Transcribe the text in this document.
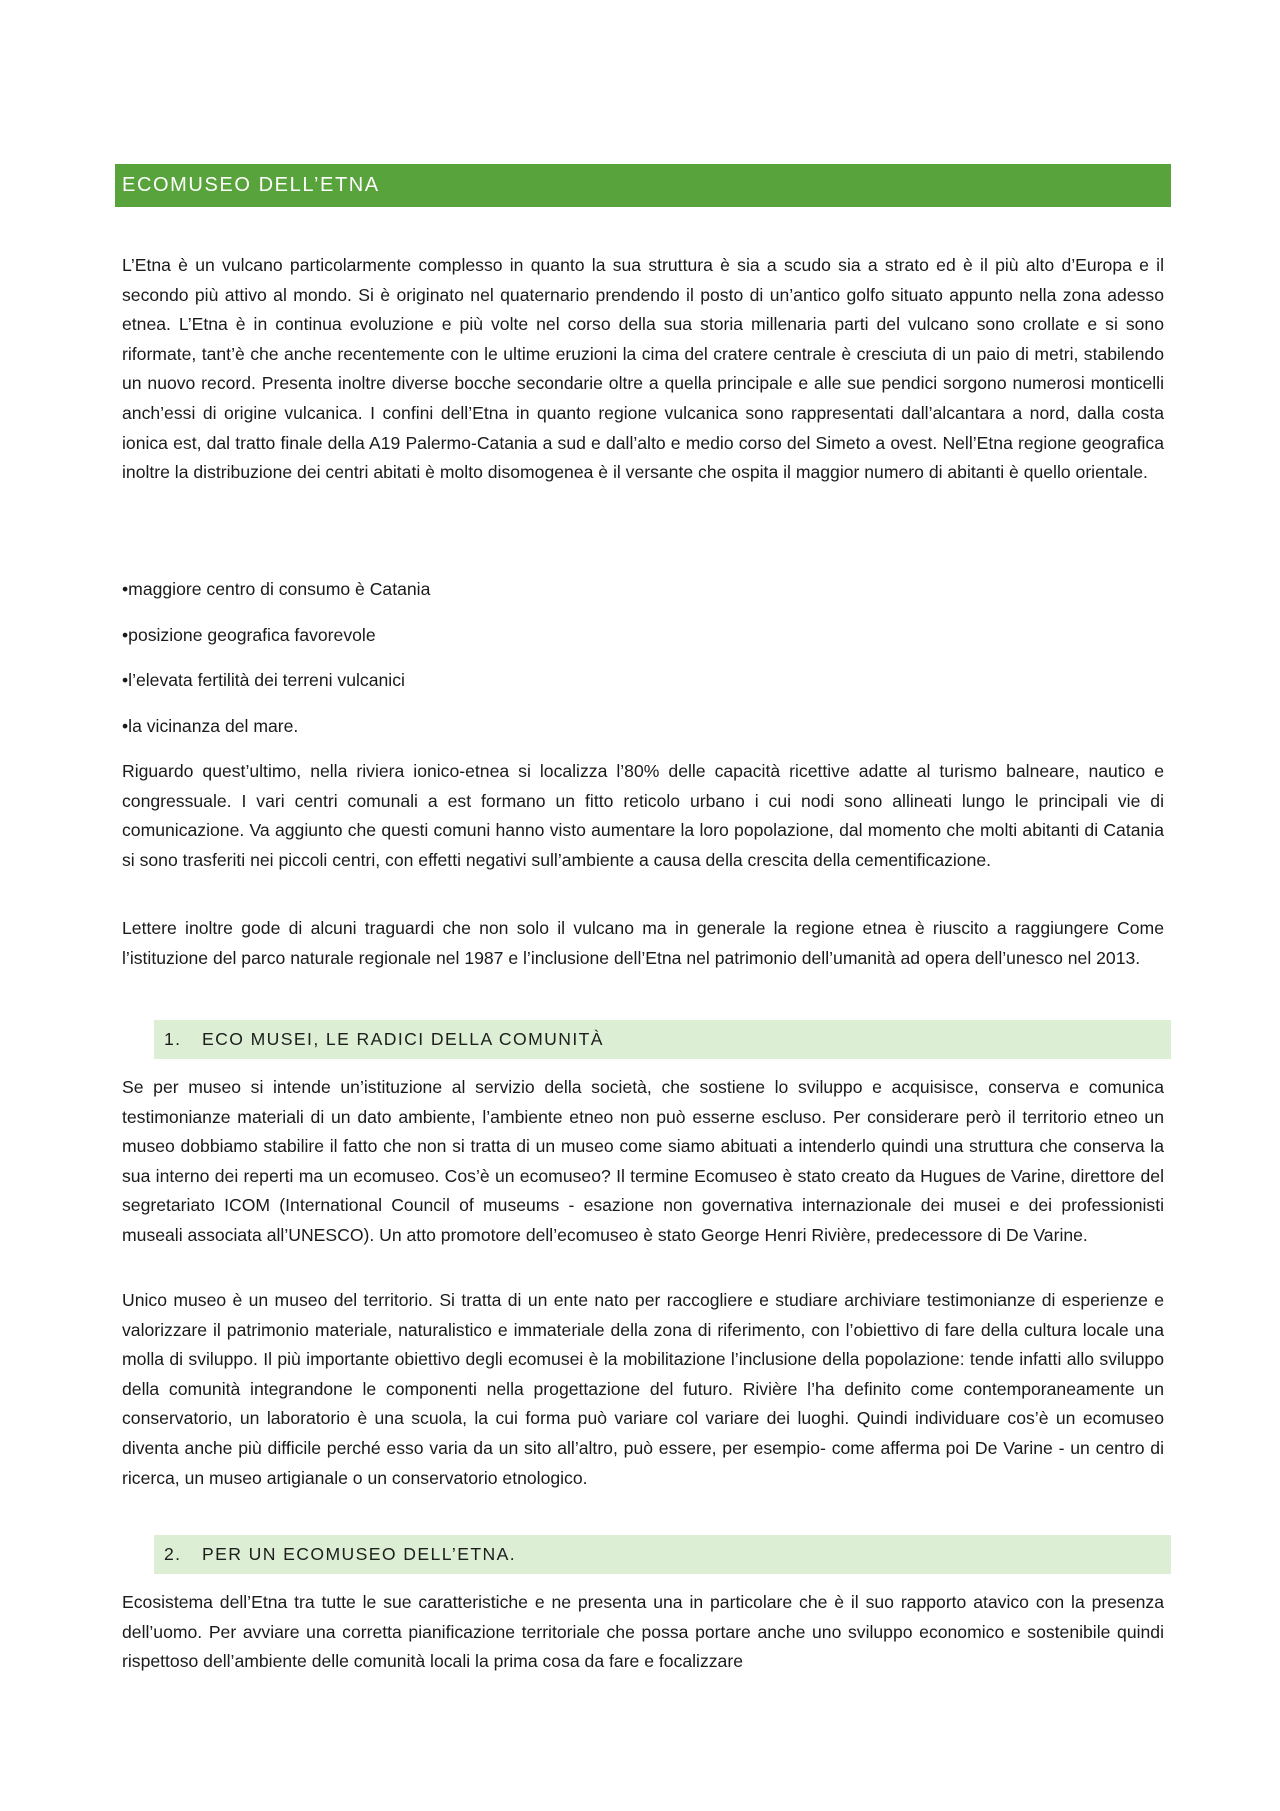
ECOMUSEO DELL’ETNA

L’Etna è un vulcano particolarmente complesso in quanto la sua struttura è sia a scudo sia a strato ed è il più alto d’Europa e il secondo più attivo al mondo. Si è originato nel quaternario prendendo il posto di un’antico golfo situato appunto nella zona adesso etnea. L’Etna è in continua evoluzione e più volte nel corso della sua storia millenaria parti del vulcano sono crollate e si sono riformate, tant’è che anche recentemente con le ultime eruzioni la cima del cratere centrale è cresciuta di un paio di metri, stabilendo un nuovo record. Presenta inoltre diverse bocche secondarie oltre a quella principale e alle sue pendici sorgono numerosi monticelli anch’essi di origine vulcanica. I confini dell’Etna in quanto regione vulcanica sono rappresentati dall’alcantara a nord, dalla costa ionica est, dal tratto finale della A19 Palermo-Catania a sud e dall’alto e medio corso del Simeto a ovest. Nell’Etna regione geografica inoltre la distribuzione dei centri abitati è molto disomogenea è il versante che ospita il maggior numero di abitanti è quello orientale.

•maggiore centro di consumo è Catania

•posizione geografica favorevole

•l’elevata fertilità dei terreni vulcanici

•la vicinanza del mare.

Riguardo quest’ultimo, nella riviera ionico-etnea si localizza l’80% delle capacità ricettive adatte al turismo balneare, nautico e congressuale. I vari centri comunali a est formano un fitto reticolo urbano i cui nodi sono allineati lungo le principali vie di comunicazione. Va aggiunto che questi comuni hanno visto aumentare la loro popolazione, dal momento che molti abitanti di Catania si sono trasferiti nei piccoli centri, con effetti negativi sull’ambiente a causa della crescita della cementificazione.

Lettere inoltre gode di alcuni traguardi che non solo il vulcano ma in generale la regione etnea è riuscito a raggiungere Come l’istituzione del parco naturale regionale nel 1987 e l’inclusione dell’Etna nel patrimonio dell’umanità ad opera dell’unesco nel 2013.

1. ECO MUSEI, LE RADICI DELLA COMUNITÀ

Se per museo si intende un’istituzione al servizio della società, che sostiene lo sviluppo e acquisisce, conserva e comunica testimonianze materiali di un dato ambiente, l’ambiente etneo non può esserne escluso. Per considerare però il territorio etneo un museo dobbiamo stabilire il fatto che non si tratta di un museo come siamo abituati a intenderlo quindi una struttura che conserva la sua interno dei reperti ma un ecomuseo. Cos’è un ecomuseo? Il termine Ecomuseo è stato creato da Hugues de Varine, direttore del segretariato ICOM (International Council of museums - esazione non governativa internazionale dei musei e dei professionisti museali associata all’UNESCO). Un atto promotore dell’ecomuseo è stato George Henri Rivière, predecessore di De Varine.

Unico museo è un museo del territorio. Si tratta di un ente nato per raccogliere e studiare archiviare testimonianze di esperienze e valorizzare il patrimonio materiale, naturalistico e immateriale della zona di riferimento, con l’obiettivo di fare della cultura locale una molla di sviluppo. Il più importante obiettivo degli ecomusei è la mobilitazione l’inclusione della popolazione: tende infatti allo sviluppo della comunità integrandone le componenti nella progettazione del futuro. Rivière l’ha definito come contemporaneamente un conservatorio, un laboratorio è una scuola, la cui forma può variare col variare dei luoghi. Quindi individuare cos’è un ecomuseo diventa anche più difficile perché esso varia da un sito all’altro, può essere, per esempio- come afferma poi De Varine - un centro di ricerca, un museo artigianale o un conservatorio etnologico.

2. PER UN ECOMUSEO DELL’ETNA.

Ecosistema dell’Etna tra tutte le sue caratteristiche e ne presenta una in particolare che è il suo rapporto atavico con la presenza dell’uomo. Per avviare una corretta pianificazione territoriale che possa portare anche uno sviluppo economico e sostenibile quindi rispettoso dell’ambiente delle comunità locali la prima cosa da fare e focalizzare
